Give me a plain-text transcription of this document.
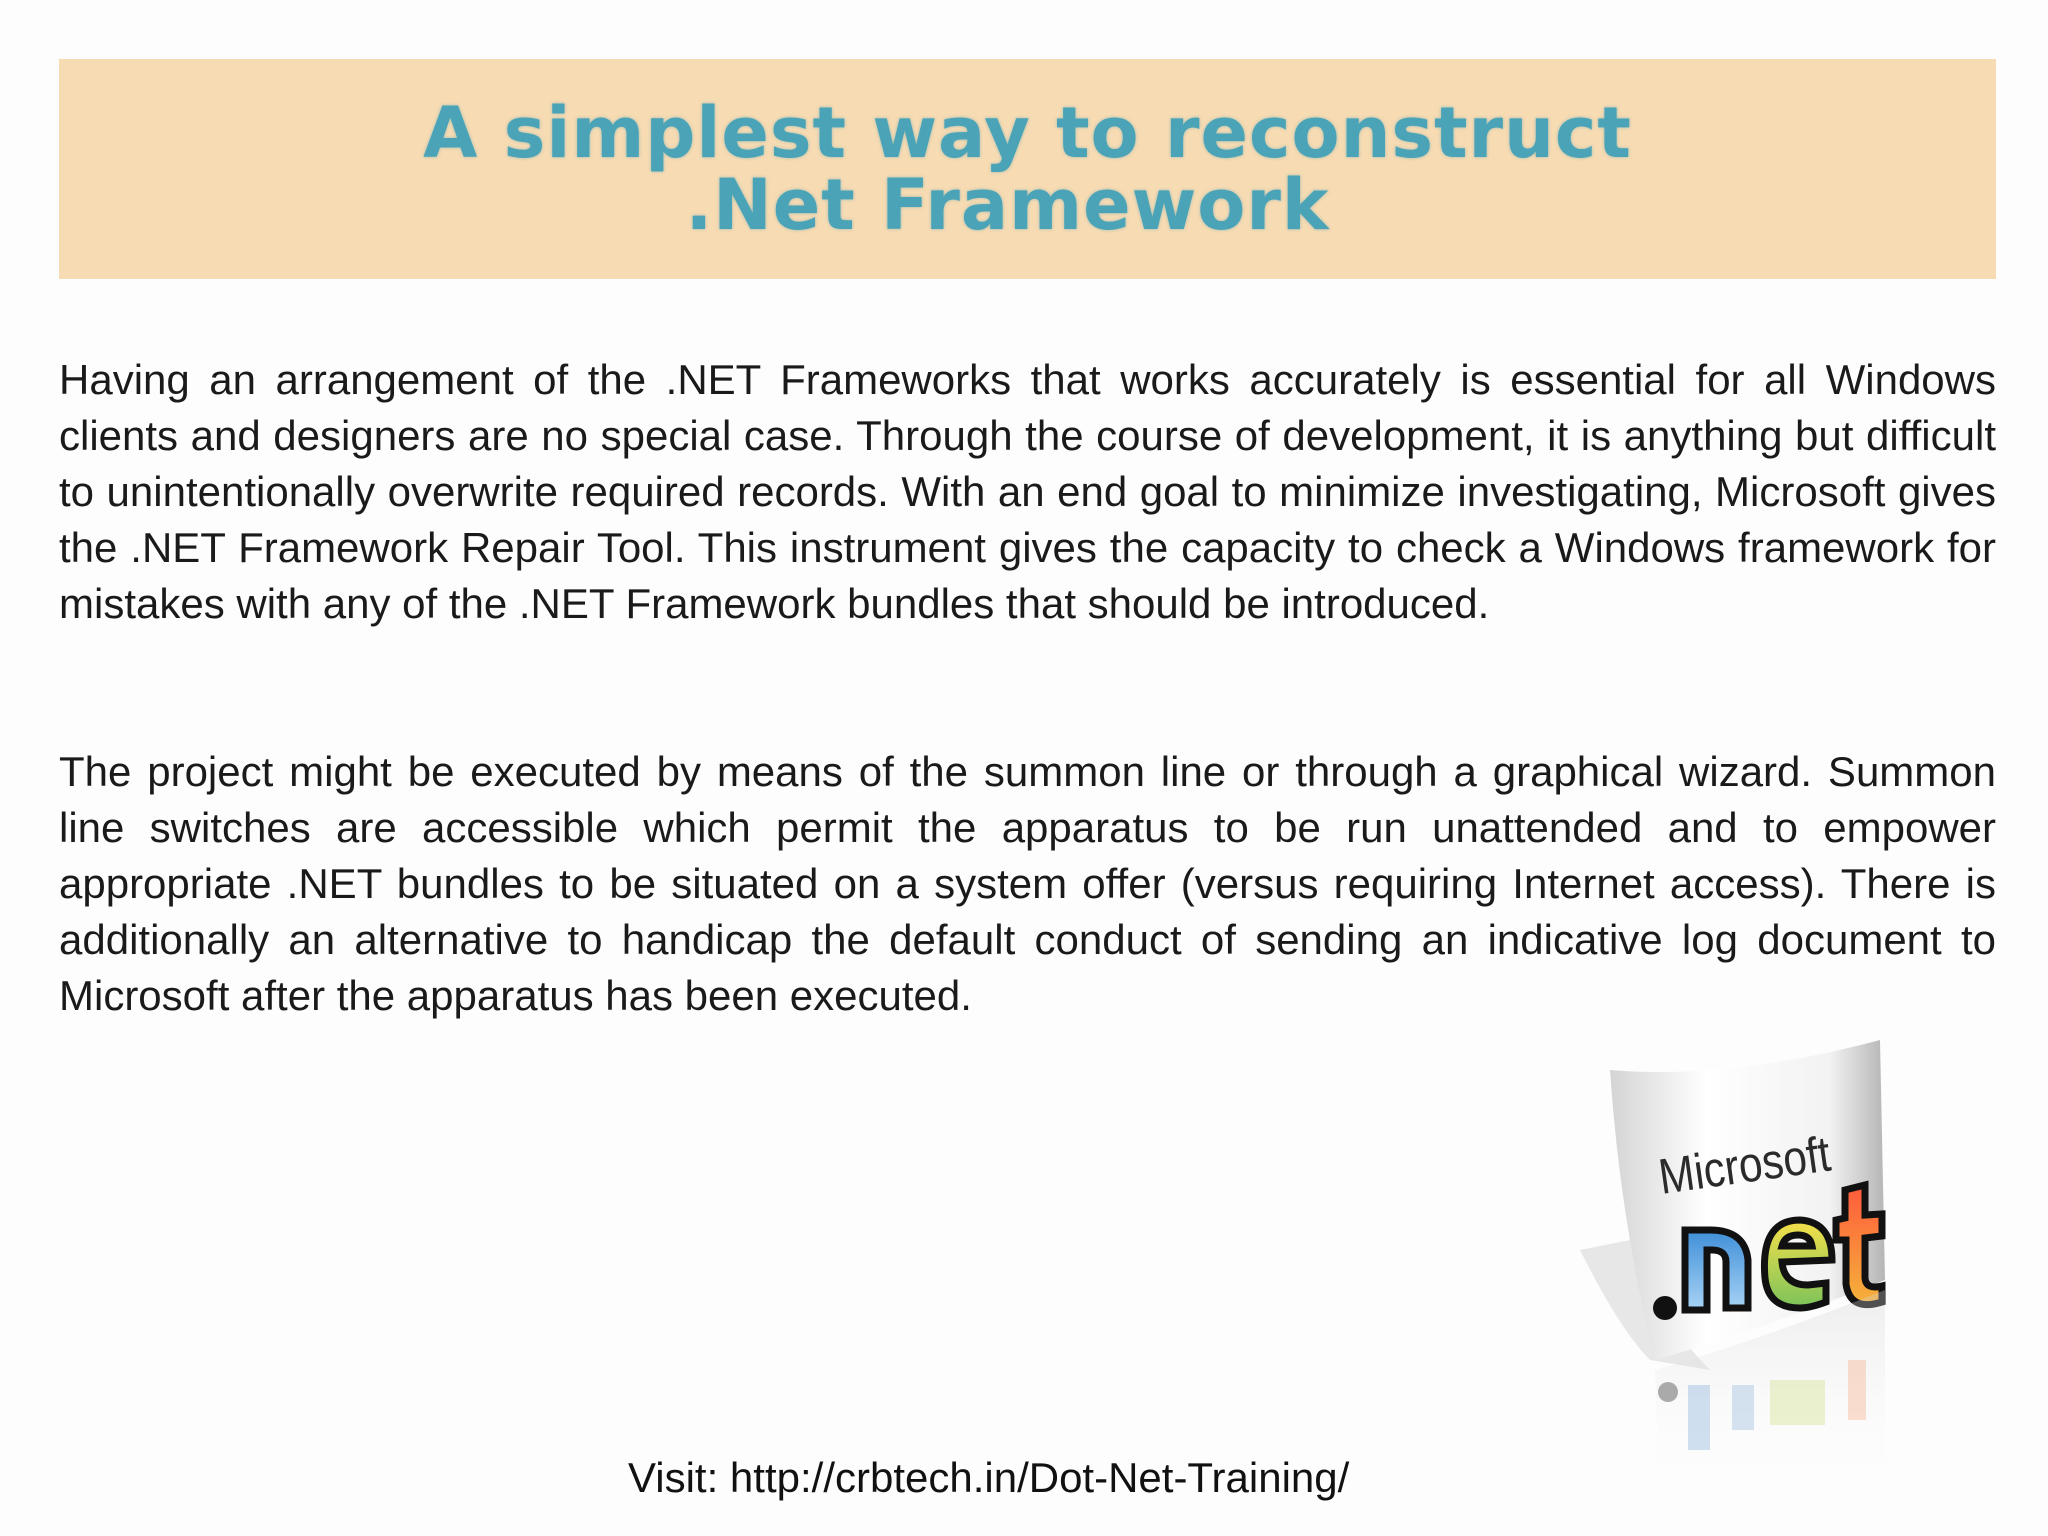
A simplest way to reconstruct
.Net Framework

Having an arrangement of the .NET Frameworks that works accurately is essential for all Windows clients and designers are no special case. Through the course of development, it is anything but difficult to unintentionally overwrite required records. With an end goal to minimize investigating, Microsoft gives the .NET Framework Repair Tool. This instrument gives the capacity to check a Windows framework for mistakes with any of the .NET Framework bundles that should be introduced.

The project might be executed by means of the summon line or through a graphical wizard. Summon line switches are accessible which permit the apparatus to be run unattended and to empower appropriate .NET bundles to be situated on a system offer (versus requiring Internet access). There is additionally an alternative to handicap the default conduct of sending an indicative log document to Microsoft after the apparatus has been executed.

Microsoft
Visit: http://crbtech.in/Dot-Net-Training/
